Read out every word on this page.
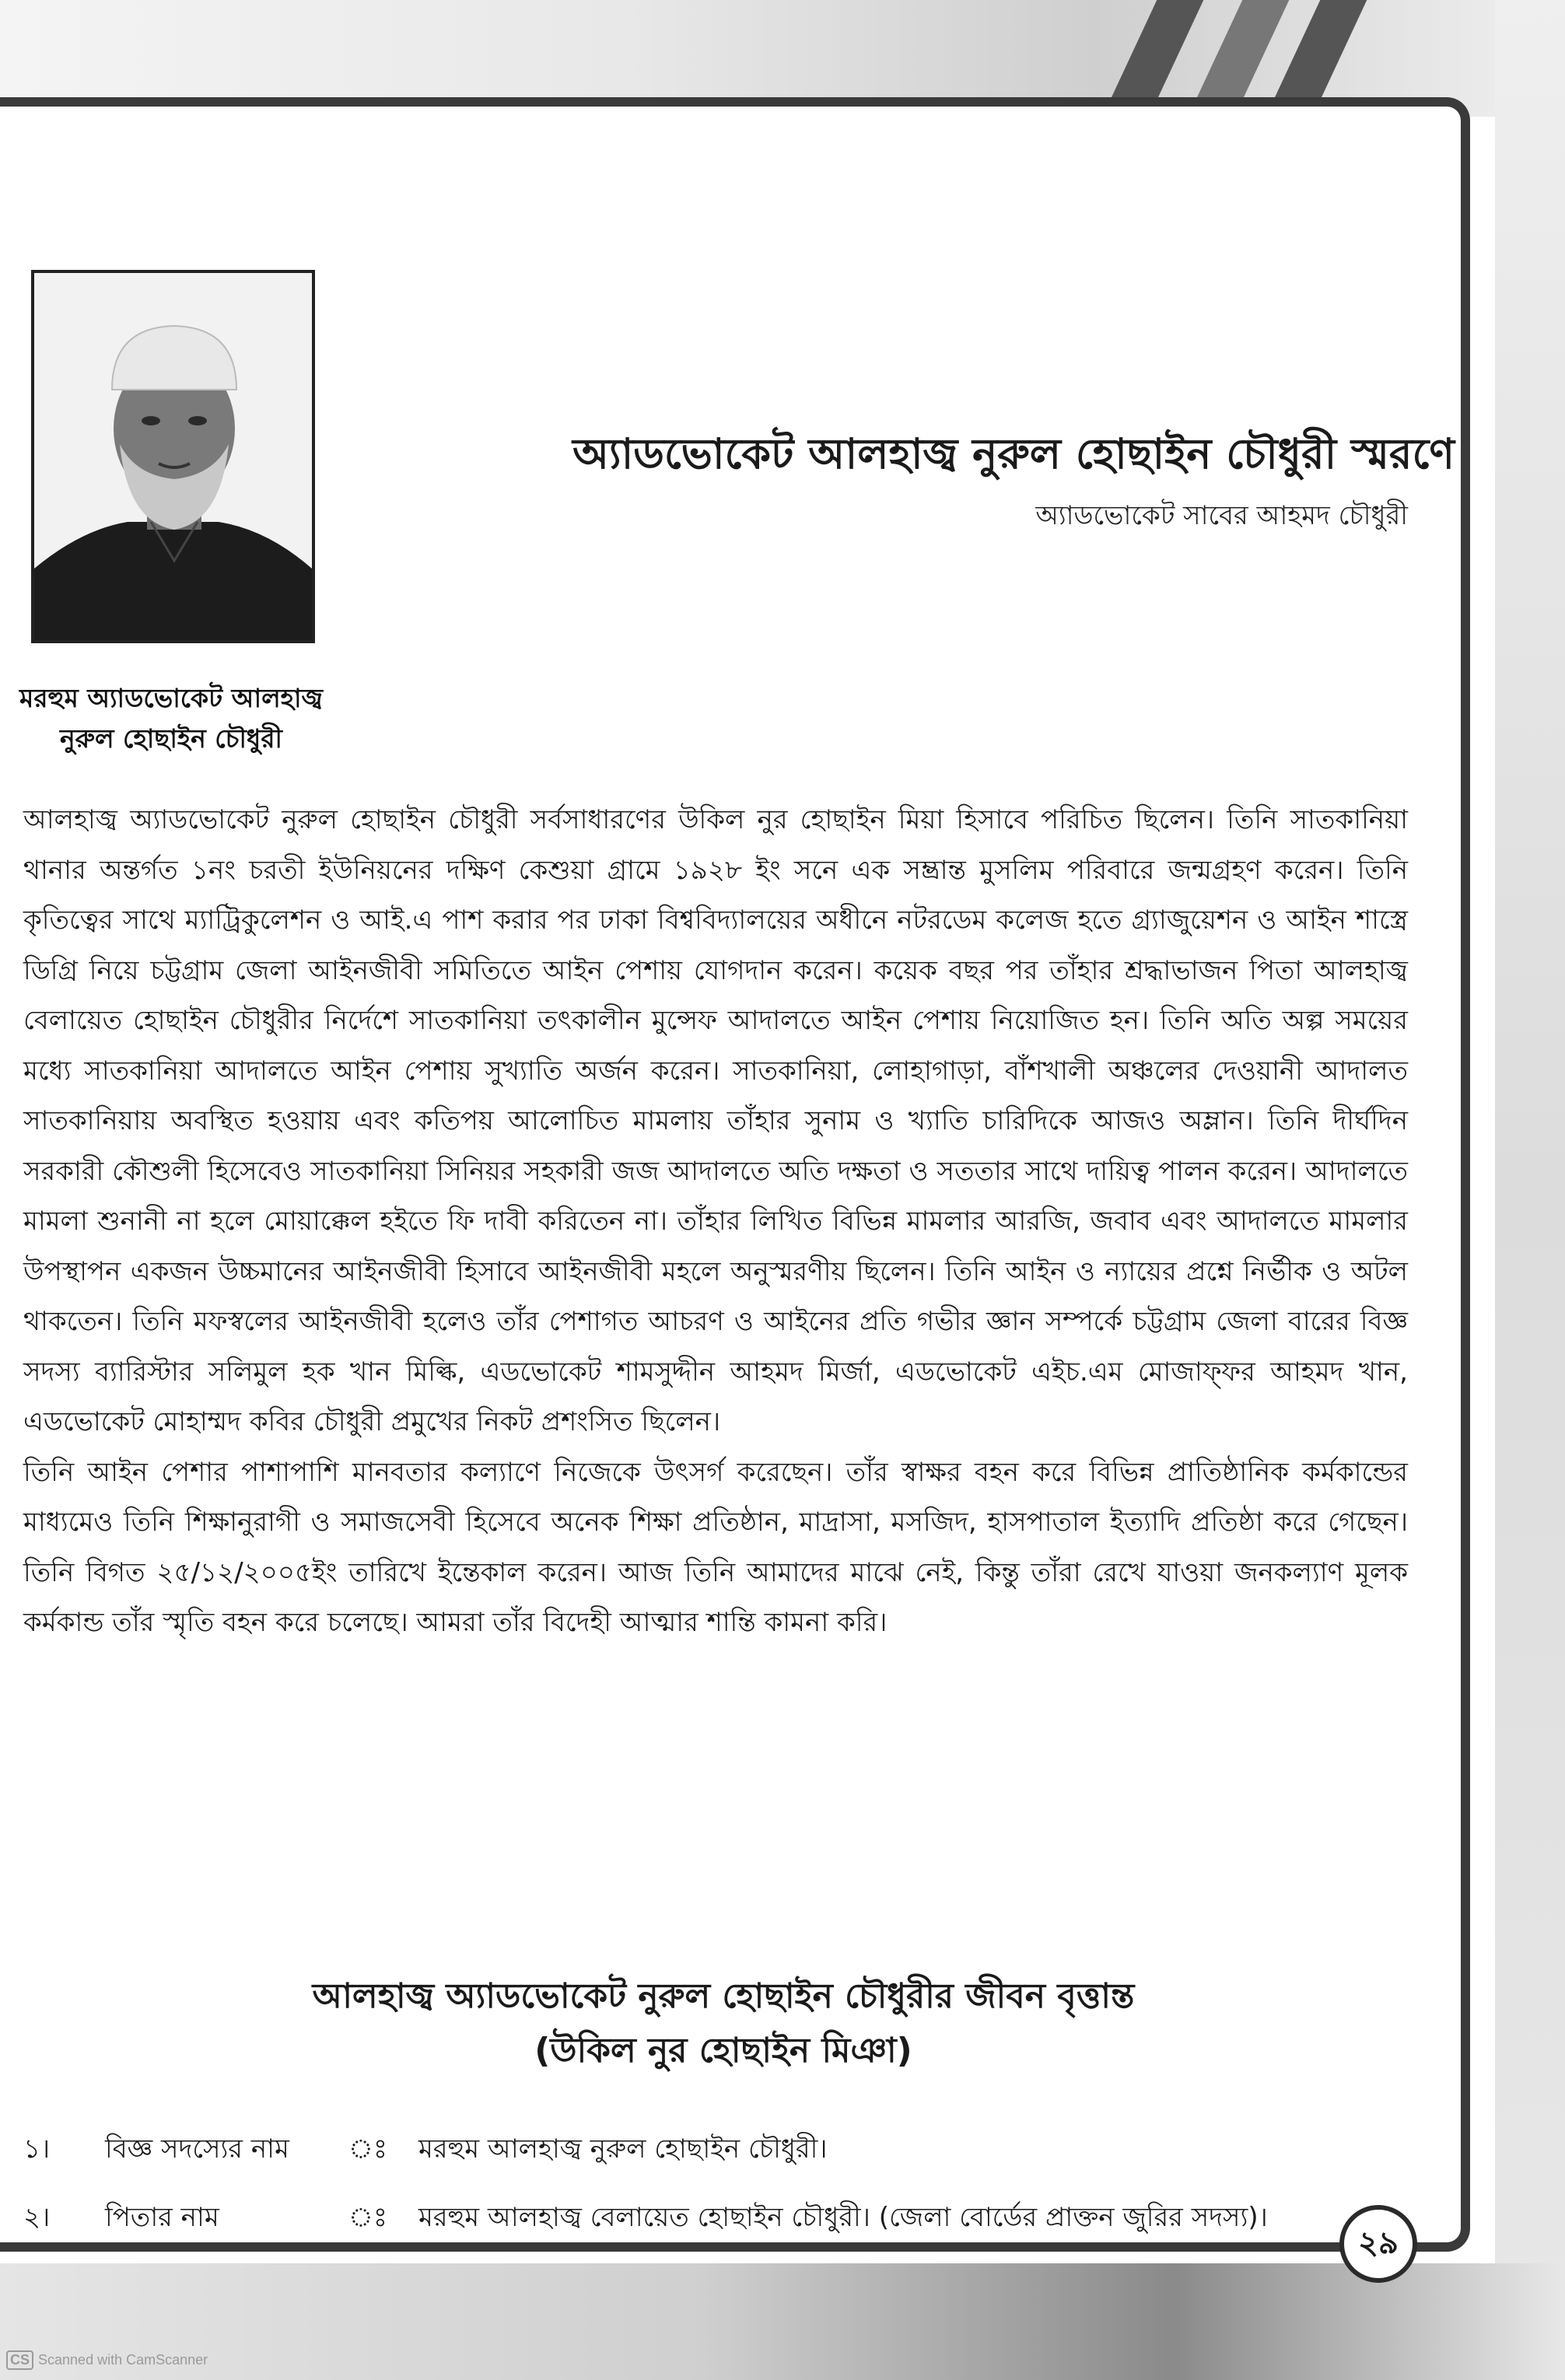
মরহুম অ্যাডভোকেট আলহাজ্ব
নুরুল হোছাইন চৌধুরী
অ্যাডভোকেট আলহাজ্ব নুরুল হোছাইন চৌধুরী স্মরণে
অ্যাডভোকেট সাবের আহমদ চৌধুরী

আলহাজ্ব অ্যাডভোকেট নুরুল হোছাইন চৌধুরী সর্বসাধারণের উকিল নুর হোছাইন মিয়া হিসাবে পরিচিত ছিলেন। তিনি সাতকানিয়া থানার অন্তর্গত ১নং চরতী ইউনিয়নের দক্ষিণ কেশুয়া গ্রামে ১৯২৮ ইং সনে এক সম্ভ্রান্ত মুসলিম পরিবারে জন্মগ্রহণ করেন। তিনি কৃতিত্বের সাথে ম্যাট্রিকুলেশন ও আই.এ পাশ করার পর ঢাকা বিশ্ববিদ্যালয়ের অধীনে নটরডেম কলেজ হতে গ্র্যাজুয়েশন ও আইন শাস্ত্রে ডিগ্রি নিয়ে চট্টগ্রাম জেলা আইনজীবী সমিতিতে আইন পেশায় যোগদান করেন। কয়েক বছর পর তাঁহার শ্রদ্ধাভাজন পিতা আলহাজ্ব বেলায়েত হোছাইন চৌধুরীর নির্দেশে সাতকানিয়া তৎকালীন মুন্সেফ আদালতে আইন পেশায় নিয়োজিত হন। তিনি অতি অল্প সময়ের মধ্যে সাতকানিয়া আদালতে আইন পেশায় সুখ্যাতি অর্জন করেন। সাতকানিয়া, লোহাগাড়া, বাঁশখালী অঞ্চলের দেওয়ানী আদালত সাতকানিয়ায় অবস্থিত হওয়ায় এবং কতিপয় আলোচিত মামলায় তাঁহার সুনাম ও খ্যাতি চারিদিকে আজও অম্লান। তিনি দীর্ঘদিন সরকারী কৌশুলী হিসেবেও সাতকানিয়া সিনিয়র সহকারী জজ আদালতে অতি দক্ষতা ও সততার সাথে দায়িত্ব পালন করেন। আদালতে মামলা শুনানী না হলে মোয়াক্কেল হইতে ফি দাবী করিতেন না। তাঁহার লিখিত বিভিন্ন মামলার আরজি, জবাব এবং আদালতে মামলার উপস্থাপন একজন উচ্চমানের আইনজীবী হিসাবে আইনজীবী মহলে অনুস্মরণীয় ছিলেন। তিনি আইন ও ন্যায়ের প্রশ্নে নির্ভীক ও অটল থাকতেন। তিনি মফস্বলের আইনজীবী হলেও তাঁর পেশাগত আচরণ ও আইনের প্রতি গভীর জ্ঞান সম্পর্কে চট্টগ্রাম জেলা বারের বিজ্ঞ সদস্য ব্যারিস্টার সলিমুল হক খান মিল্কি, এডভোকেট শামসুদ্দীন আহমদ মির্জা, এডভোকেট এইচ.এম মোজাফ্ফর আহমদ খান, এডভোকেট মোহাম্মদ কবির চৌধুরী প্রমুখের নিকট প্রশংসিত ছিলেন।

তিনি আইন পেশার পাশাপাশি মানবতার কল্যাণে নিজেকে উৎসর্গ করেছেন। তাঁর স্বাক্ষর বহন করে বিভিন্ন প্রাতিষ্ঠানিক কর্মকান্ডের মাধ্যমেও তিনি শিক্ষানুরাগী ও সমাজসেবী হিসেবে অনেক শিক্ষা প্রতিষ্ঠান, মাদ্রাসা, মসজিদ, হাসপাতাল ইত্যাদি প্রতিষ্ঠা করে গেছেন। তিনি বিগত ২৫/১২/২০০৫ইং তারিখে ইন্তেকাল করেন। আজ তিনি আমাদের মাঝে নেই, কিন্তু তাঁরা রেখে যাওয়া জনকল্যাণ মূলক কর্মকান্ড তাঁর স্মৃতি বহন করে চলেছে। আমরা তাঁর বিদেহী আত্মার শান্তি কামনা করি।

আলহাজ্ব অ্যাডভোকেট নুরুল হোছাইন চৌধুরীর জীবন বৃত্তান্ত
(উকিল নুর হোছাইন মিঞা)
১। বিজ্ঞ সদস্যের নাম ঃ মরহুম আলহাজ্ব নুরুল হোছাইন চৌধুরী।
২। পিতার নাম	ঃ মরহুম আলহাজ্ব বেলায়েত হোছাইন চৌধুরী। (জেলা বোর্ডের প্রাক্তন জুরির সদস্য)।
২৯
CS Scanned with CamScanner
